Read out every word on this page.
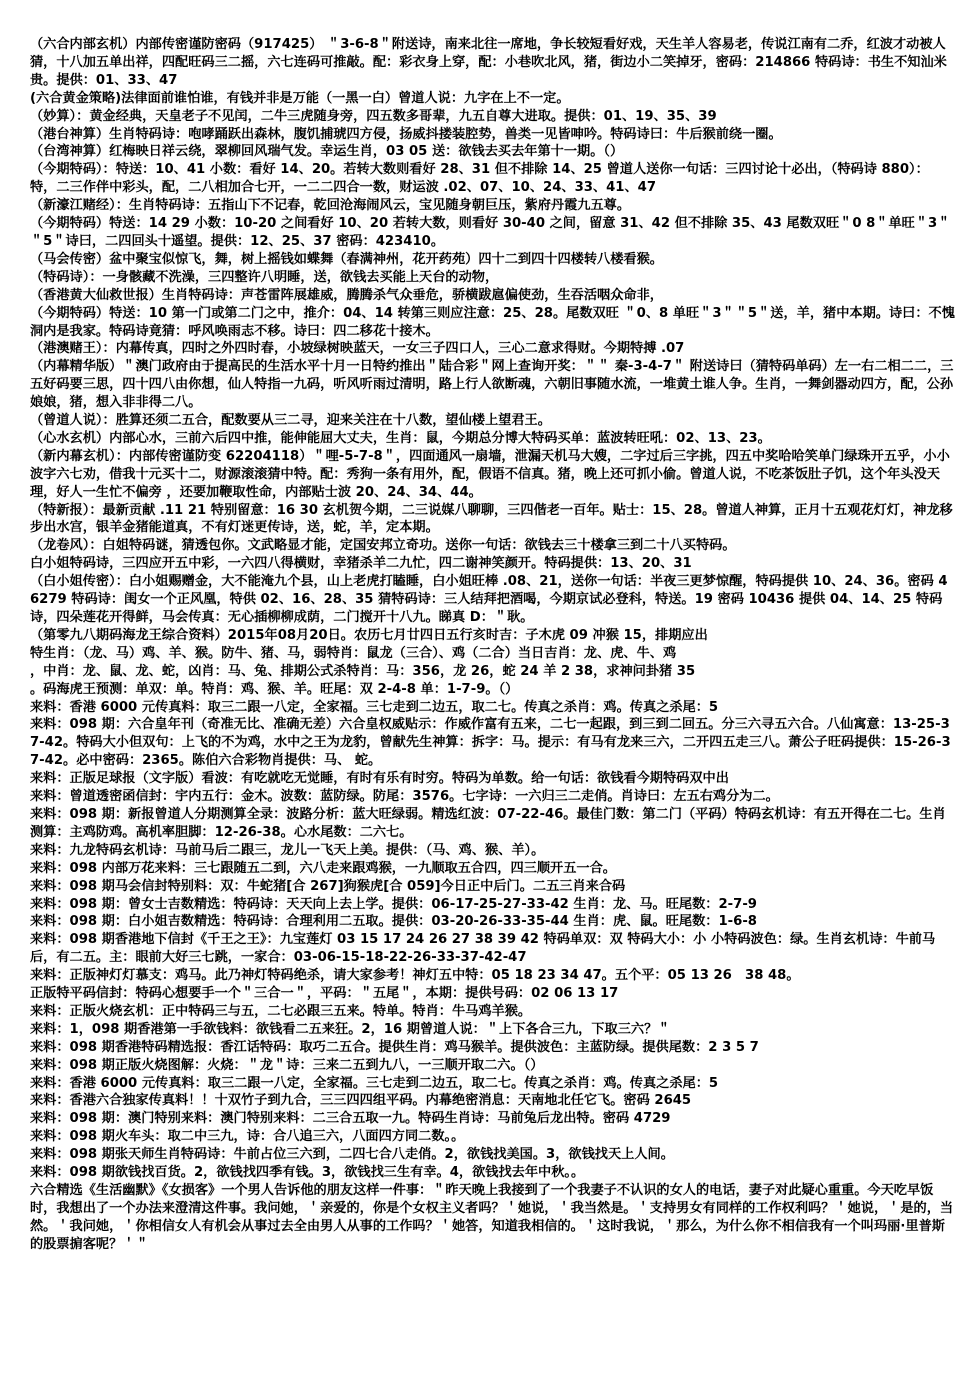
（六合内部玄机）内部传密谨防密码（917425） ＂3-6-8＂附送诗，南来北往一席地，争长较短看好戏，天生羊人容易老，传说江南有二乔，红波才动被人猜，十八加五单出祥，四配旺码三二摇，六七连码可推敲。配：彩衣身上穿，配：小巷吹北风，猪，街边小二笑掉牙，密码：214866 特码诗：书生不知汕米贵。提供：01、33、47
(六合黄金策略)法律面前谁怕谁，有钱并非是万能（一黑一白）曾道人说：九字在上不一定。
（妙算）：黄金经典，天皇老子不见闰，二牛三虎随身旁，四五数多哥辈，九五自尊大进取。提供：01、19、35、39
（港台神算）生肖特码诗：咆哮踊跃出森林，腹饥捕琥四方侵，扬威抖搂装腔势，兽类一见皆呻吟。特码诗曰：牛后猴前绕一圈。
（台湾神算）红梅映日祥云绕，翠柳回风瑞气发。幸运生肖，03 05 送：欲钱去买去年第十一期。（）
（今期特码）：特送：10、41 小数：看好 14、20。若转大数则看好 28、31 但不排除 14、25 曾道人送你一句话：三四讨论十必出，（特码诗 880）：特，二三作伴中彩头，配，二八相加合七开，一二二四合一数，财运波 .02、07、10、24、33、41、47
（新濠江赌经）：生肖特码诗：五指山下不记春，乾回沧海闹风云，宝见随身朝巨压，紫府丹霞九五尊。
（今期特码）特送：14 29 小数：10-20 之间看好 10、20 若转大数，则看好 30-40 之间，留意 31、42 但不排除 35、43 尾数双旺＂0 8＂单旺＂3＂＂5＂诗曰，二四回头十遥望。提供：12、25、37 密码：423410。
（马会传密）盆中聚宝似惊飞，舞，树上摇钱如蝶舞（春满神州，花开药苑）四十二到四十四楼转八楼看猴。
（特码诗）：一身骸藏不洗澡，三四整许八明睡，送，欲钱去买能上天台的动物，
（香港黄大仙救世报）生肖特码诗：声苍雷阵展雄威，腾腾杀气众垂危，骄横跋扈偏使劲，生吞活咽众命非，
（今期特码）特送：10 第一门或第二门之中，推介：04、14 转第三则应注意：25、28。尾数双旺 ＂0、8 单旺＂3＂＂5＂送，羊，猪中本期。诗曰：不愧洞内是我家。特码诗竟猜：呼风唤雨志不移。诗曰：四二移花十接木。
（港澳赌王）：内幕传真，四时之外四时春，小坡绿树映蓝天，一女三子四口人，三心二意求得财。今期特搏 .07
（内幕精华版）＂澳门政府由于提高民的生活水平十月一日特约推出＂陆合彩＂网上查询开奖：＂＂ 秦-3-4-7＂ 附送诗曰（猜特码单码）左一右二相二二，三五好码要三思，四十四八由你想，仙人特指一九码，听风听雨过清明，路上行人欲断魂，六朝旧事随水流，一堆黄土谁人争。生肖，一舞剑器动四方，配，公孙娘娘，猪，想入非非得二八。
（曾道人说）：胜算还须二五合，配数要从三二寻，迎来关注在十八数，望仙楼上望君王。
（心水玄机）内部心水，三前六后四中推，能伸能屈大丈夫，生肖：鼠，今期总分博大特码买单：蓝波转旺吼：02、13、23。
（新内幕玄机）：内部传密谨防变 62204118）＂哩-5-7-8＂，四面通风一扇墙，泄漏天机马大嫂，二字过后三字挑，四五中奖哈哈笑单门绿珠开五乎，小小波字六七劝，借我十元买十二，财源滚滚猜中特。配：秀狗一条有用外，配，假语不信真。猪，晚上还可抓小偷。曾道人说，不吃茶饭肚子饥，这个年头没天理，好人一生忙不偏旁 ，还要加鞭取性命，内部贴士波 20、24、34、44。
（特新报）：最新贡献 .11 21 特别留意：16 30 玄机贺今期，二三说媒八聊聊，三四偕老一百年。贴士：15、28。曾道人神算，正月十五观花灯灯，神龙移步出水宫，银羊金猪能道真，不有灯迷更传诗，送，蛇，羊，定本期。
（龙卷风）：白姐特码谜，猜透包你。文武略显才能，定国安邦立奇功。送你一句话：欲钱去三十楼拿三到二十八买特码。
白小姐特码诗，三四应开五中彩，一六四八得横财，幸猪杀羊二九忙，四二谢神笑颜开。特码提供：13、20、31
（白小姐传密）：白小姐赐赠金，大不能淹九个县，山上老虎打瞌睡，白小姐旺棒 .08、21，送你一句话：半夜三更梦惊醒，特码提供 10、24、36。密码 46279 特码诗：闺女一个正风凰，特供 02、16、28、35 猜特码诗：三人结拜把酒喝，今期京试必登科，特送。19 密码 10436 提供 04、14、25 特码诗，四朵莲花开得鲜，马会传真：无心插柳柳成荫，二门搅开十八九。睇真 D：＂耿。
（第零九八期码海龙王综合资料）2015年08月20日。农历七月廿四日五行亥时吉：子木虎 09 冲猴 15，排期应出
特生肖：（龙、马）鸡、羊、猴。防牛、猪、马，弱特肖：鼠龙（三合）、鸡（二合）当日吉肖：龙、虎、牛、鸡
，中肖：龙、鼠、龙、蛇，凶肖：马、兔、排期公式杀特肖：马：356，龙 26，蛇 24 羊 2 38，求神问卦猪 35
。码海虎王预测：单双：单。特肖：鸡、猴、羊。旺尾：双 2-4-8 单：1-7-9。（）
来料：香港 6000 元传真料：取三二跟一八定，全家福。三七走到二边五，取二七。传真之杀肖：鸡。传真之杀尾：5
来料：098 期：六合皇年刊（奇准无比、准确无差）六合皇权威贴示：作威作富有五来，二七一起跟，到三到二回五。分三六寻五六合。八仙寓意：13-25-37-42。特码大小但双句：上飞的不为鸡，水中之王为龙豹，曾献先生神算：拆字：马。提示：有马有龙来三六，二开四五走三八。萧公子旺码提供：15-26-37-42。必中密码：2365。陈伯六合彩物肖提供：马、 蛇。
来料：正版足球报（文字版）看波：有吃就吃无觉睡，有时有乐有时穷。特码为单数。给一句话：欲钱看今期特码双中出
来料：曾道透密函信封：宇内五行：金木。波数：蓝防绿。防尾：3576。七字诗：一六归三二走俏。肖诗曰：左五右鸡分为二。
来料：098 期：新报曾道人分期测算全录：波路分析：蓝大旺绿弱。精选红波：07-22-46。最佳门数：第二门（平码）特码玄机诗：有五开得在二七。生肖测算：主鸡防鸡。高机率胆脚：12-26-38。心水尾数：二六七。
来料：九龙特码玄机诗：马前马后二跟三，龙儿一飞天上美。提供：（马、鸡、猴、羊）。
来料：098 内部万花来料：三七跟随五二到，六八走来跟鸡猴，一九顺取五合四，四三顺开五一合。
来料：098 期马会信封特别料：双：牛蛇猪[合 267]狗猴虎[合 059]今日正中后门。二五三肖来合码
来料：098 期：曾女士吉数精选：特码诗：天天向上去上学。提供：06-17-25-27-33-42 生肖：龙、马。旺尾数：2-7-9
来料：098 期：白小姐吉数精选：特码诗：合理利用二五取。提供：03-20-26-33-35-44 生肖：虎、鼠。旺尾数：1-6-8
来料：098 期香港地下信封《千王之王》：九宝莲灯 03 15 17 24 26 27 38 39 42 特码单双：双 特码大小：小 小特码波色：绿。生肖玄机诗：牛前马后，有二五。主：眼前大好三七跳，一家合：03-06-15-18-22-26-33-37-42-47
来料：正版神灯灯慕支：鸡马。此乃神灯特码绝杀，请大家参考！神灯五中特：05 18 23 34 47。五个平：05 13 26　38 48。
正版特平码信封：特码心想要手一个＂三合一＂，平码：＂五尾＂，本期：提供号码：02 06 13 17
来料：正版火烧玄机：正中特码三与五，二七必跟三五来。特单。特肖：牛马鸡羊猴。
来料：1，098 期香港第一手欲钱料：欲钱看二五来狂。2，16 期曾道人说：＂上下各合三九，下取三六？＂
来料：098 期香港特码精选报：香江话特码：取巧二五合。提供生肖：鸡马猴羊。提供波色：主蓝防绿。提供尾数：2 3 5 7
来料：098 期正版火烧图解：火烧：＂龙＂诗：三来二五到九八，一三顺开取二六。（）
来料：香港 6000 元传真料：取三二跟一八定，全家福。三七走到二边五，取二七。传真之杀肖：鸡。传真之杀尾：5
来料：香港六合独家传真料！！十双竹子到九合，三三四四组平码。内幕绝密消息：天南地北任它飞。密码 2645
来料：098 期：澳门特别来料：澳门特别来料：二三合五取一九。特码生肖诗：马前兔后龙出特。密码 4729
来料：098 期火车头：取二中三九，诗：合八追三六，八面四方同二数。。
来料：098 期张天师生肖特码诗：牛前占位三六到，二四七合八走俏。2，欲钱找美国。3，欲钱找天上人间。
来料：098 期欲钱找百货。2，欲钱找四季有钱。3，欲钱找三生有幸。4，欲钱找去年中秋。。
六合精选《生活幽默》《女损客》一个男人告诉他的朋友这样一件事：＂昨天晚上我接到了一个我妻子不认识的女人的电话，妻子对此疑心重重。今天吃早饭时，我想出了一个办法来澄清这件事。我问她，＇亲爱的，你是个女权主义者吗？＇她说，＇我当然是。＇支持男女有同样的工作权利吗？＇她说，＇是的，当然。＇我问她，＇你相信女人有机会从事过去全由男人从事的工作吗？＇她答，知道我相信的。＇这时我说，＇那么，为什么你不相信我有一个叫玛丽·里普斯的股票掮客呢？＇＂
